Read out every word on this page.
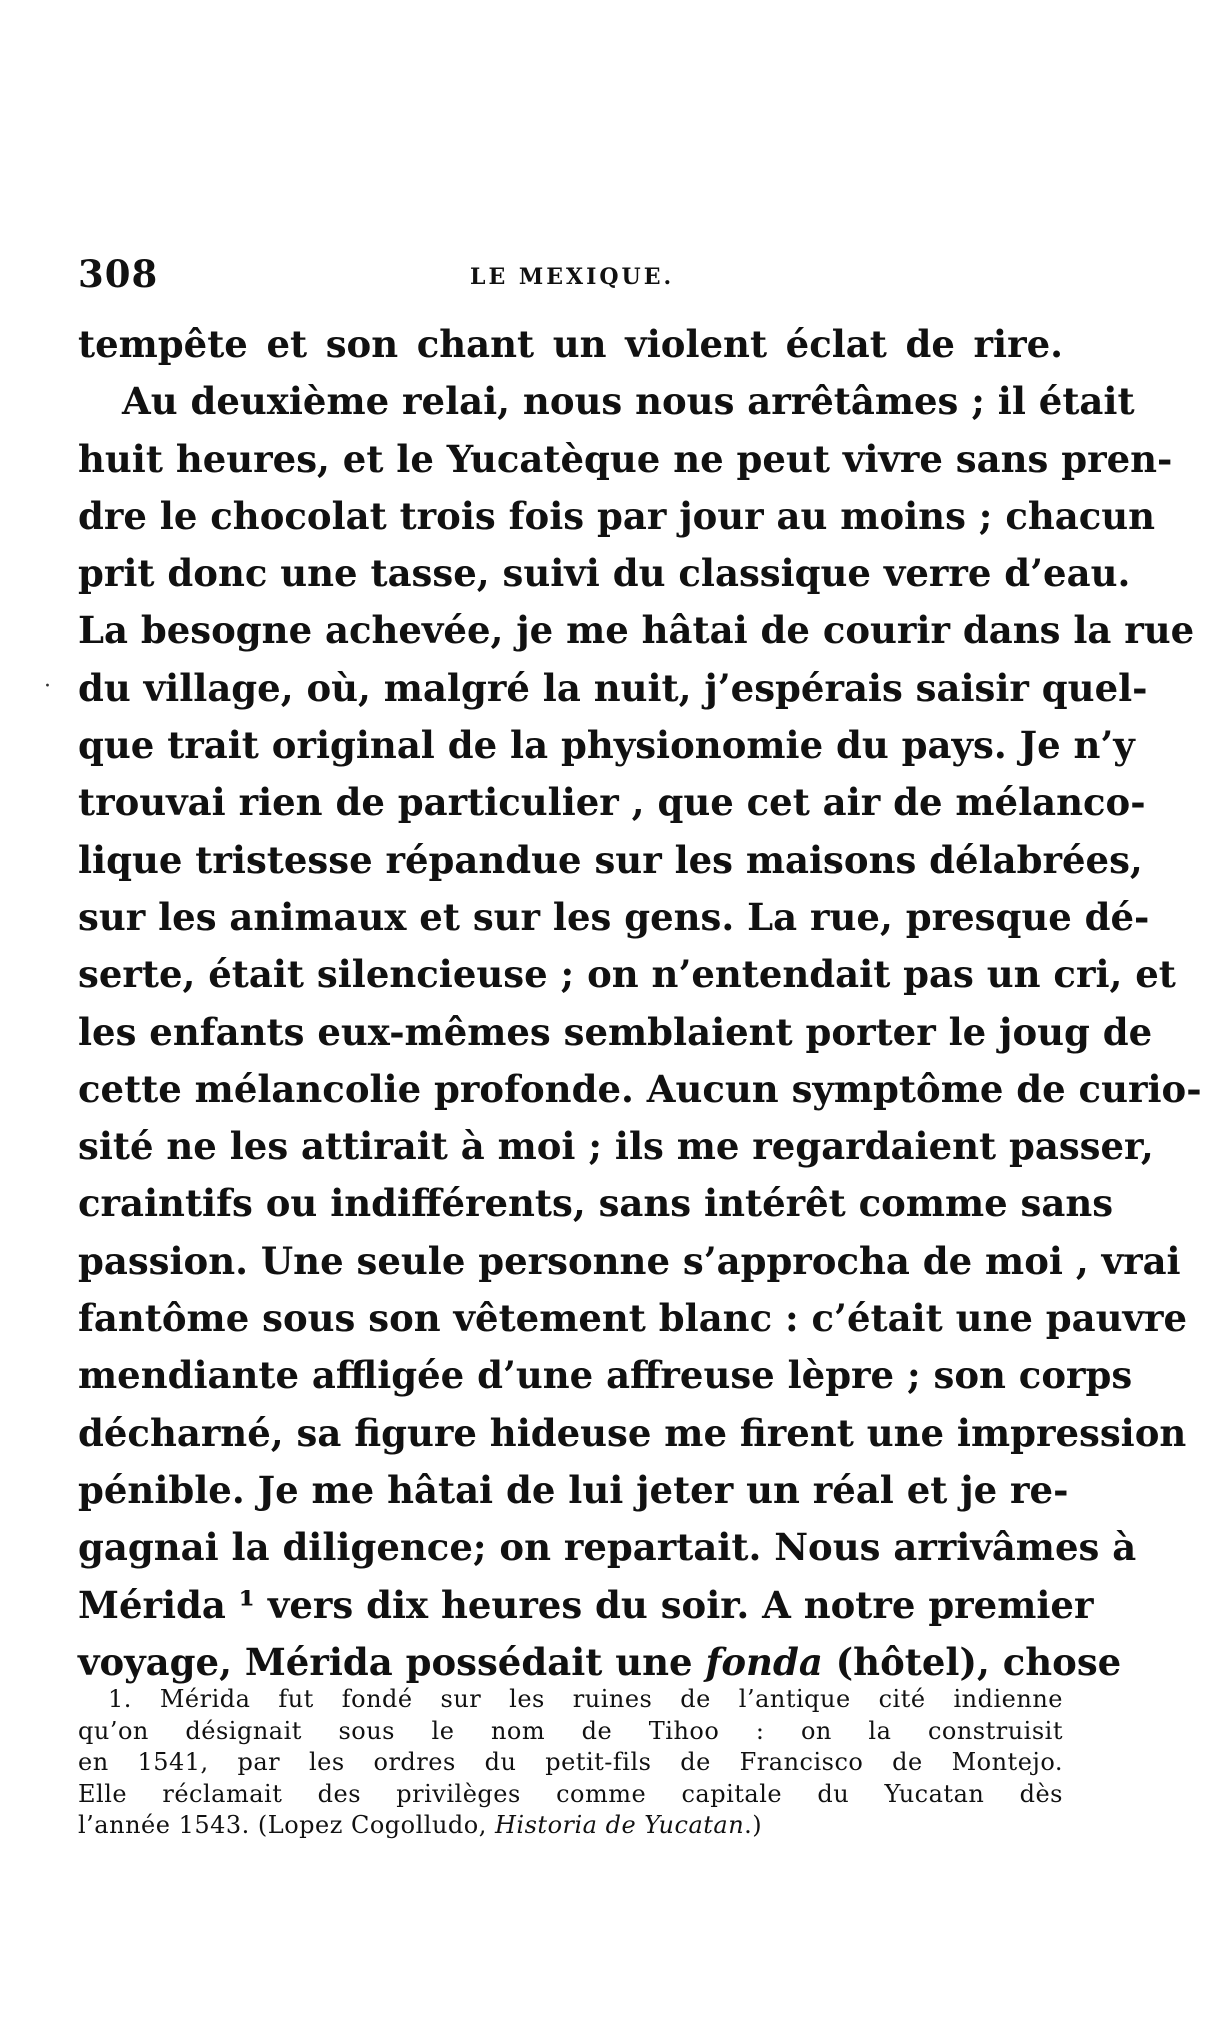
308	LE MEXIQUE.
·
tempête et son chant un violent éclat de rire.
Au deuxième relai, nous nous arrêtâmes ; il était
huit heures, et le Yucatèque ne peut vivre sans pren-
dre le chocolat trois fois par jour au moins ; chacun
prit donc une tasse, suivi du classique verre d’eau.
La besogne achevée, je me hâtai de courir dans la rue
du village, où, malgré la nuit, j’espérais saisir quel-
que trait original de la physionomie du pays. Je n’y
trouvai rien de particulier , que cet air de mélanco-
lique tristesse répandue sur les maisons délabrées,
sur les animaux et sur les gens. La rue, presque dé-
serte, était silencieuse ; on n’entendait pas un cri, et
les enfants eux-mêmes semblaient porter le joug de
cette mélancolie profonde. Aucun symptôme de curio-
sité ne les attirait à moi ; ils me regardaient passer,
craintifs ou indifférents, sans intérêt comme sans
passion. Une seule personne s’approcha de moi , vrai
fantôme sous son vêtement blanc : c’était une pauvre
mendiante affligée d’une affreuse lèpre ; son corps
décharné, sa figure hideuse me firent une impression
pénible. Je me hâtai de lui jeter un réal et je re-
gagnai la diligence; on repartait. Nous arrivâmes à
Mérida ¹ vers dix heures du soir. A notre premier
voyage, Mérida possédait une fonda (hôtel), chose
1. Mérida fut fondé sur les ruines de l’antique cité indienne
qu’on désignait sous le nom de Tihoo : on la construisit
en 1541, par les ordres du petit-fils de Francisco de Montejo.
Elle réclamait des privilèges comme capitale du Yucatan dès
l’année 1543. (Lopez Cogolludo, Historia de Yucatan.)
